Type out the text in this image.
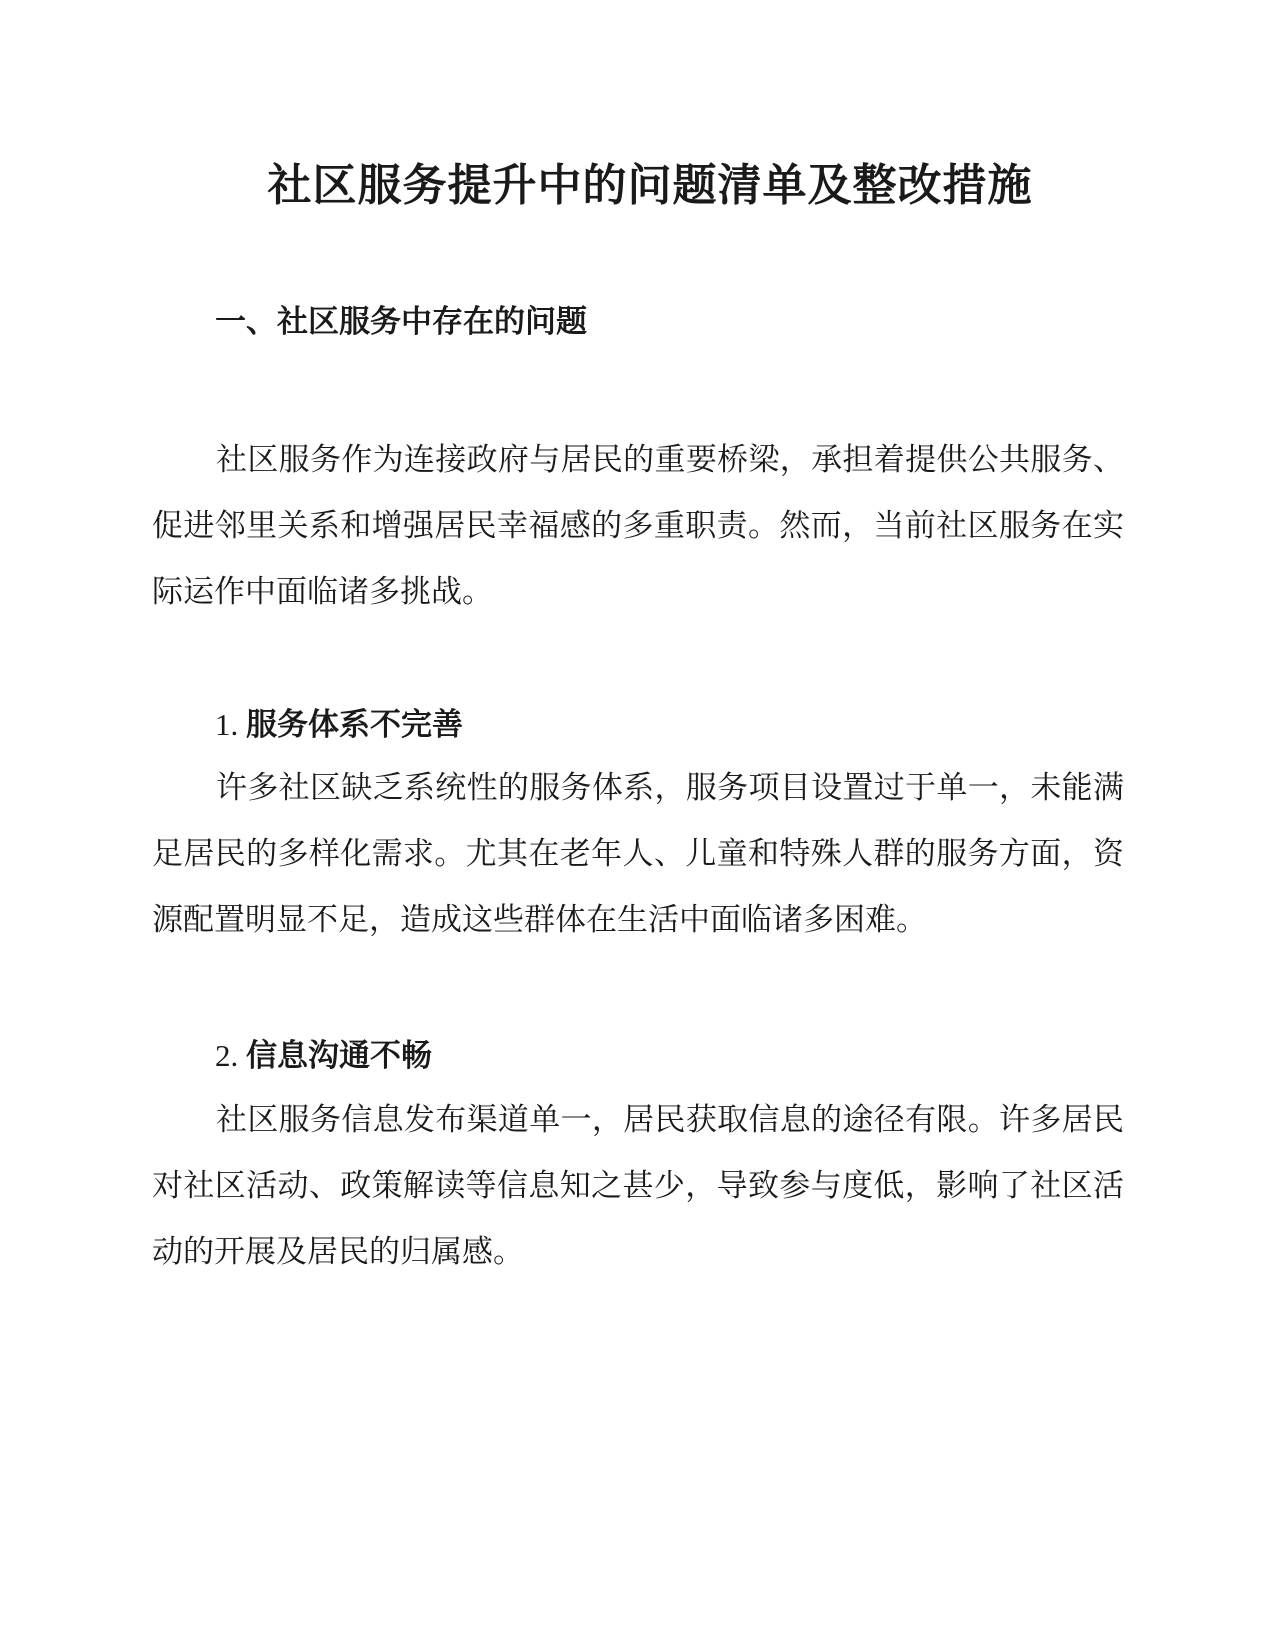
社区服务提升中的问题清单及整改措施
一、社区服务中存在的问题

社区服务作为连接政府与居民的重要桥梁，承担着提供公共服务、促进邻里关系和增强居民幸福感的多重职责。然而，当前社区服务在实际运作中面临诸多挑战。

1. 服务体系不完善

许多社区缺乏系统性的服务体系，服务项目设置过于单一，未能满足居民的多样化需求。尤其在老年人、儿童和特殊人群的服务方面，资源配置明显不足，造成这些群体在生活中面临诸多困难。

2. 信息沟通不畅

社区服务信息发布渠道单一，居民获取信息的途径有限。许多居民对社区活动、政策解读等信息知之甚少，导致参与度低，影响了社区活动的开展及居民的归属感。
